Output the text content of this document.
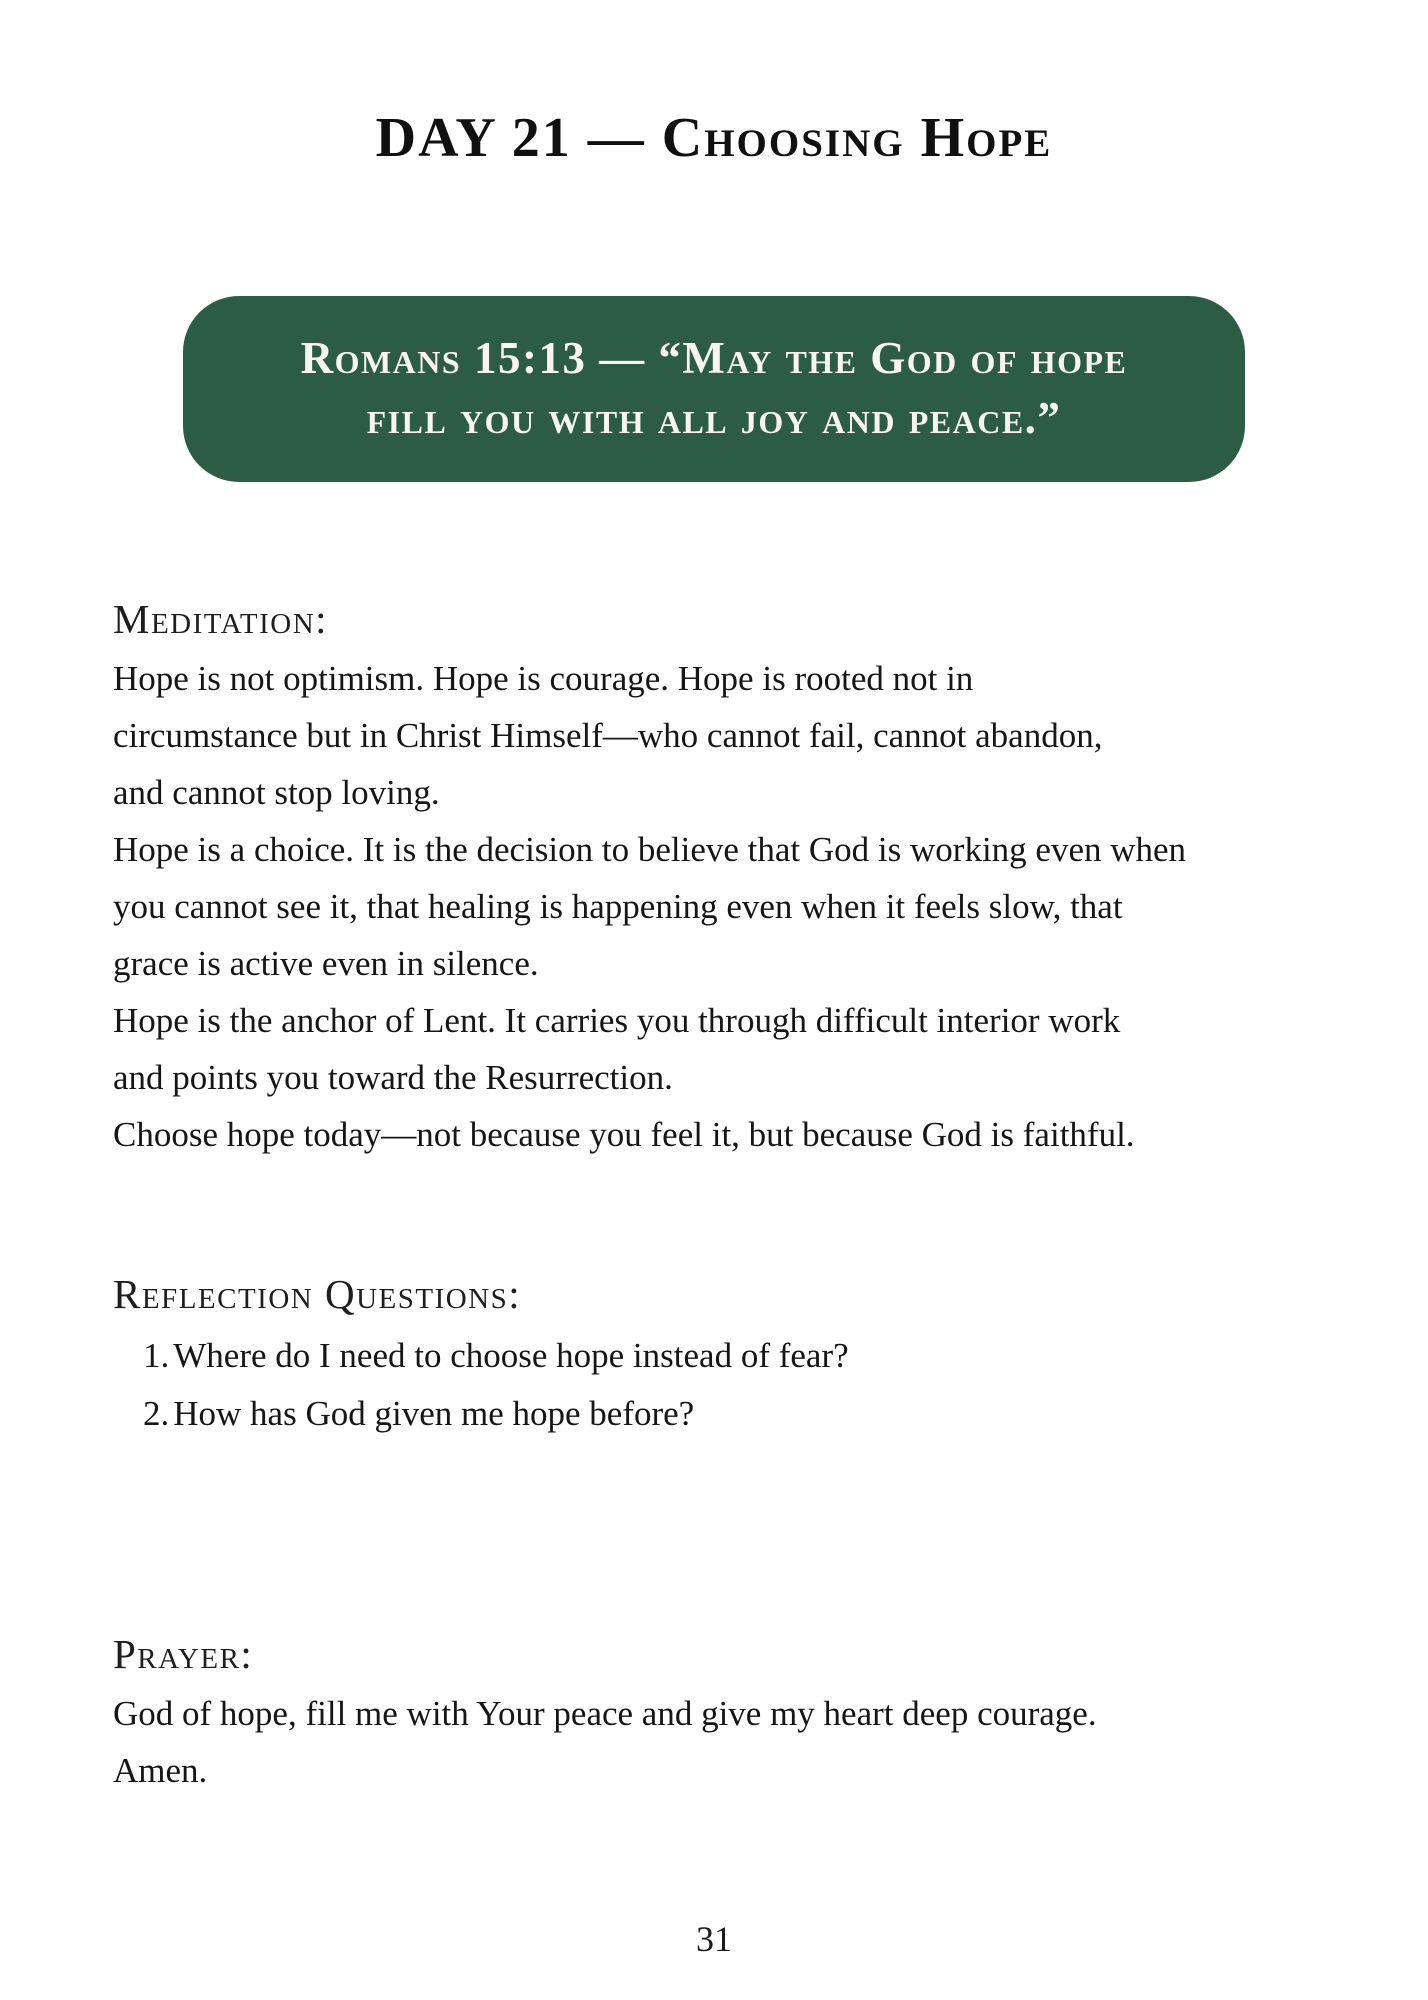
DAY 21 — Choosing Hope
Romans 15:13 — “May the God of hope
fill you with all joy and peace.”
Meditation:
Hope is not optimism. Hope is courage. Hope is rooted not in
circumstance but in Christ Himself—who cannot fail, cannot abandon,
and cannot stop loving.
Hope is a choice. It is the decision to believe that God is working even when
you cannot see it, that healing is happening even when it feels slow, that
grace is active even in silence.
Hope is the anchor of Lent. It carries you through difficult interior work
and points you toward the Resurrection.
Choose hope today—not because you feel it, but because God is faithful.
Reflection Questions:
1. Where do I need to choose hope instead of fear?
2. How has God given me hope before?
Prayer:
God of hope, fill me with Your peace and give my heart deep courage.
Amen.
31
